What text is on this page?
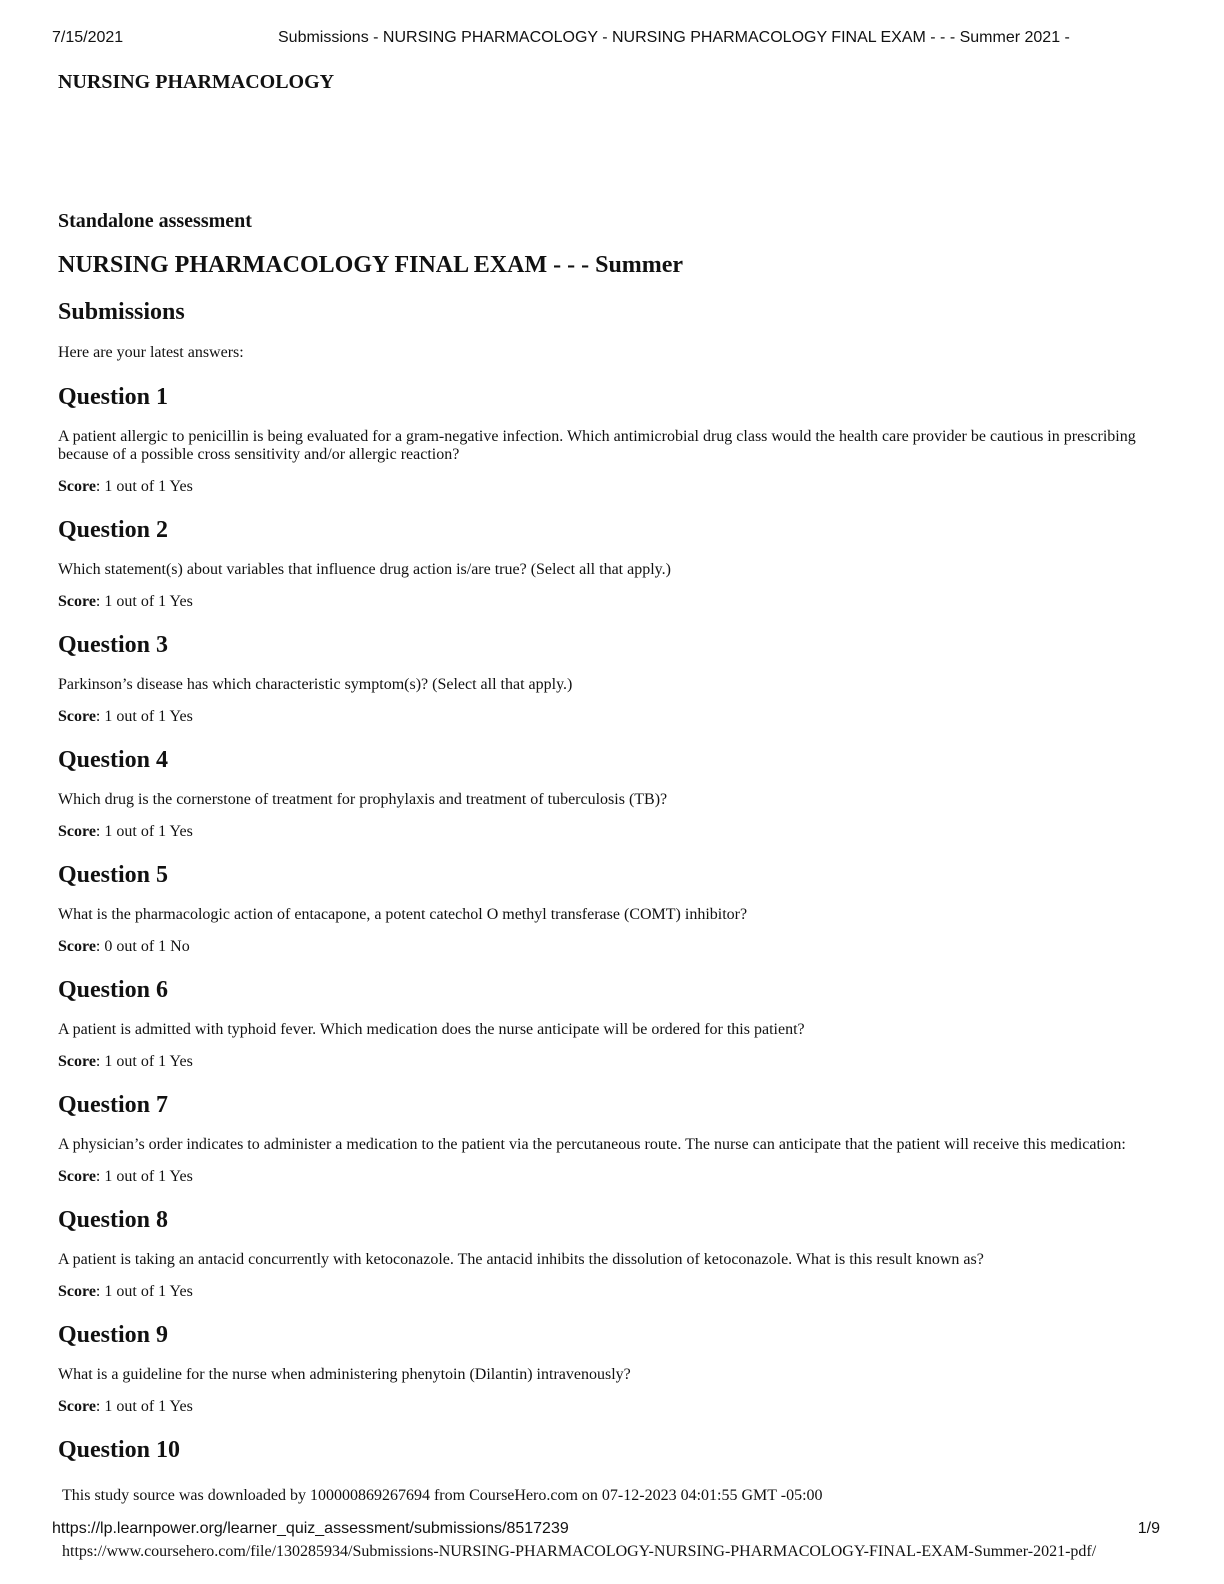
7/15/2021	Submissions - NURSING PHARMACOLOGY - NURSING PHARMACOLOGY FINAL EXAM - - - Summer 2021 -
NURSING PHARMACOLOGY
Standalone assessment
NURSING PHARMACOLOGY FINAL EXAM - - - Summer
Submissions

Here are your latest answers:

Question 1

A patient allergic to penicillin is being evaluated for a gram-negative infection. Which antimicrobial drug class would the health care provider be cautious in prescribing because of a possible cross sensitivity and/or allergic reaction?

Score: 1 out of 1 Yes

Question 2

Which statement(s) about variables that influence drug action is/are true? (Select all that apply.)

Score: 1 out of 1 Yes

Question 3

Parkinson’s disease has which characteristic symptom(s)? (Select all that apply.)

Score: 1 out of 1 Yes

Question 4

Which drug is the cornerstone of treatment for prophylaxis and treatment of tuberculosis (TB)?

Score: 1 out of 1 Yes

Question 5

What is the pharmacologic action of entacapone, a potent catechol O methyl transferase (COMT) inhibitor?

Score: 0 out of 1 No

Question 6

A patient is admitted with typhoid fever. Which medication does the nurse anticipate will be ordered for this patient?

Score: 1 out of 1 Yes

Question 7

A physician’s order indicates to administer a medication to the patient via the percutaneous route. The nurse can anticipate that the patient will receive this medication:

Score: 1 out of 1 Yes

Question 8

A patient is taking an antacid concurrently with ketoconazole. The antacid inhibits the dissolution of ketoconazole. What is this result known as?

Score: 1 out of 1 Yes

Question 9

What is a guideline for the nurse when administering phenytoin (Dilantin) intravenously?

Score: 1 out of 1 Yes

Question 10
This study source was downloaded by 100000869267694 from CourseHero.com on 07-12-2023 04:01:55 GMT -05:00
https://lp.learnpower.org/learner_quiz_assessment/submissions/8517239	1/9
https://www.coursehero.com/file/130285934/Submissions-NURSING-PHARMACOLOGY-NURSING-PHARMACOLOGY-FINAL-EXAM-Summer-2021-pdf/
